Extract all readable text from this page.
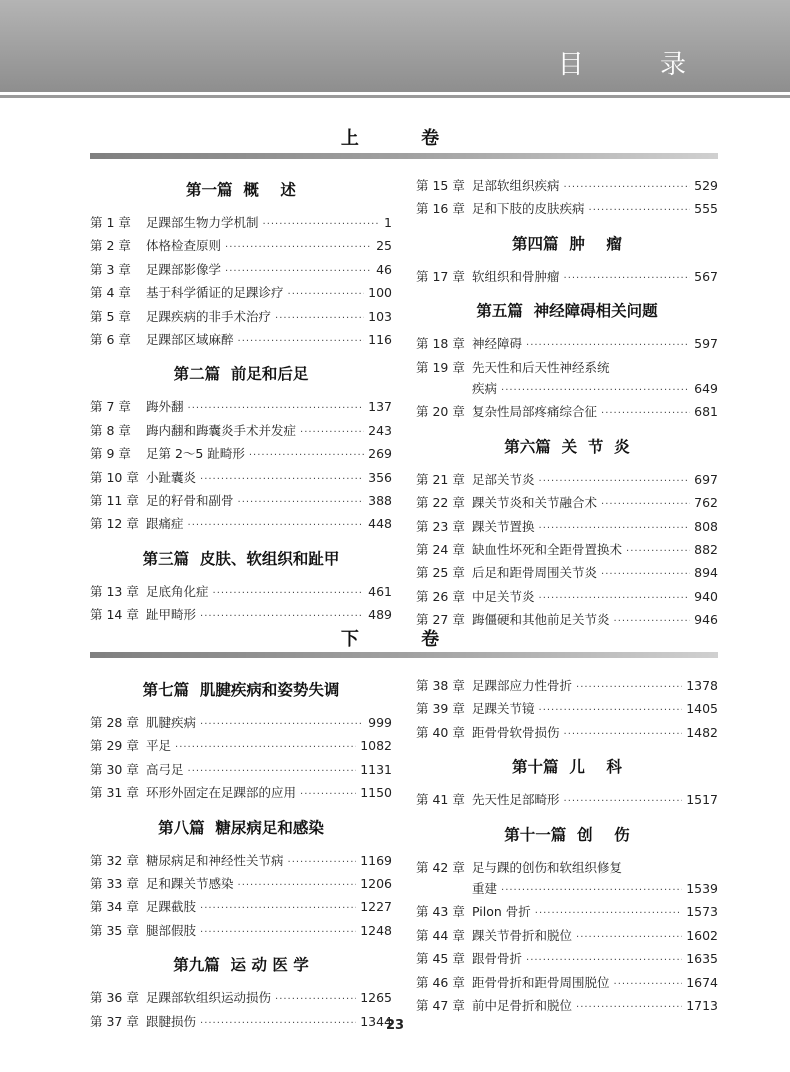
目 录
上 卷
第一篇  概    述
第 1 章	足踝部生物力学机制 ·····	1
第 2 章	体格检查原则 ·····	25
第 3 章	足踝部影像学 ·····	46
第 4 章	基于科学循证的足踝诊疗 ·····	100
第 5 章	足踝疾病的非手术治疗 ·····	103
第 6 章	足踝部区域麻醉 ·····	116
第二篇  前足和后足
第 7 章	踇外翻 ·····	137
第 8 章	踇内翻和踇囊炎手术并发症 ·····	243
第 9 章	足第 2～5 趾畸形 ·····	269
第 10 章 小趾囊炎 ·····	356
第 11 章 足的籽骨和副骨 ·····	388
第 12 章 跟痛症 ·····	448
第三篇  皮肤、软组织和趾甲
第 13 章 足底角化症 ·····	461
第 14 章 趾甲畸形 ·····	489
第 15 章 足部软组织疾病 ·····	529
第 16 章 足和下肢的皮肤疾病 ·····	555
第四篇  肿    瘤
第 17 章 软组织和骨肿瘤 ·····	567
第五篇  神经障碍相关问题
第 18 章 神经障碍 ·····	597
第 19 章 先天性和后天性神经系统
疾病 ·····	649
第 20 章 复杂性局部疼痛综合征 ·····	681
第六篇  关  节  炎
第 21 章 足部关节炎 ·····	697
第 22 章 踝关节炎和关节融合术 ·····	762
第 23 章 踝关节置换 ·····	808
第 24 章 缺血性坏死和全距骨置换术 ·····	882
第 25 章 后足和距骨周围关节炎 ·····	894
第 26 章 中足关节炎 ·····	940
第 27 章 踇僵硬和其他前足关节炎 ·····	946
下 卷
第七篇  肌腱疾病和姿势失调
第 28 章 肌腱疾病 ·····	999
第 29 章 平足 ·····	1082
第 30 章 高弓足 ·····	1131
第 31 章 环形外固定在足踝部的应用 ·····	1150
第八篇  糖尿病足和感染
第 32 章 糖尿病足和神经性关节病 ·····	1169
第 33 章 足和踝关节感染 ·····	1206
第 34 章 足踝截肢 ·····	1227
第 35 章 腿部假肢 ·····	1248
第九篇  运 动 医 学
第 36 章 足踝部软组织运动损伤 ·····	1265
第 37 章 跟腱损伤 ·····	1344
第 38 章 足踝部应力性骨折 ·····	1378
第 39 章 足踝关节镜 ·····	1405
第 40 章 距骨骨软骨损伤 ·····	1482
第十篇  儿    科
第 41 章 先天性足部畸形 ·····	1517
第十一篇  创    伤
第 42 章 足与踝的创伤和软组织修复
重建 ·····	1539
第 43 章 Pilon 骨折 ·····	1573
第 44 章 踝关节骨折和脱位 ·····	1602
第 45 章 跟骨骨折 ·····	1635
第 46 章 距骨骨折和距骨周围脱位 ·····	1674
第 47 章 前中足骨折和脱位 ·····	1713
23
